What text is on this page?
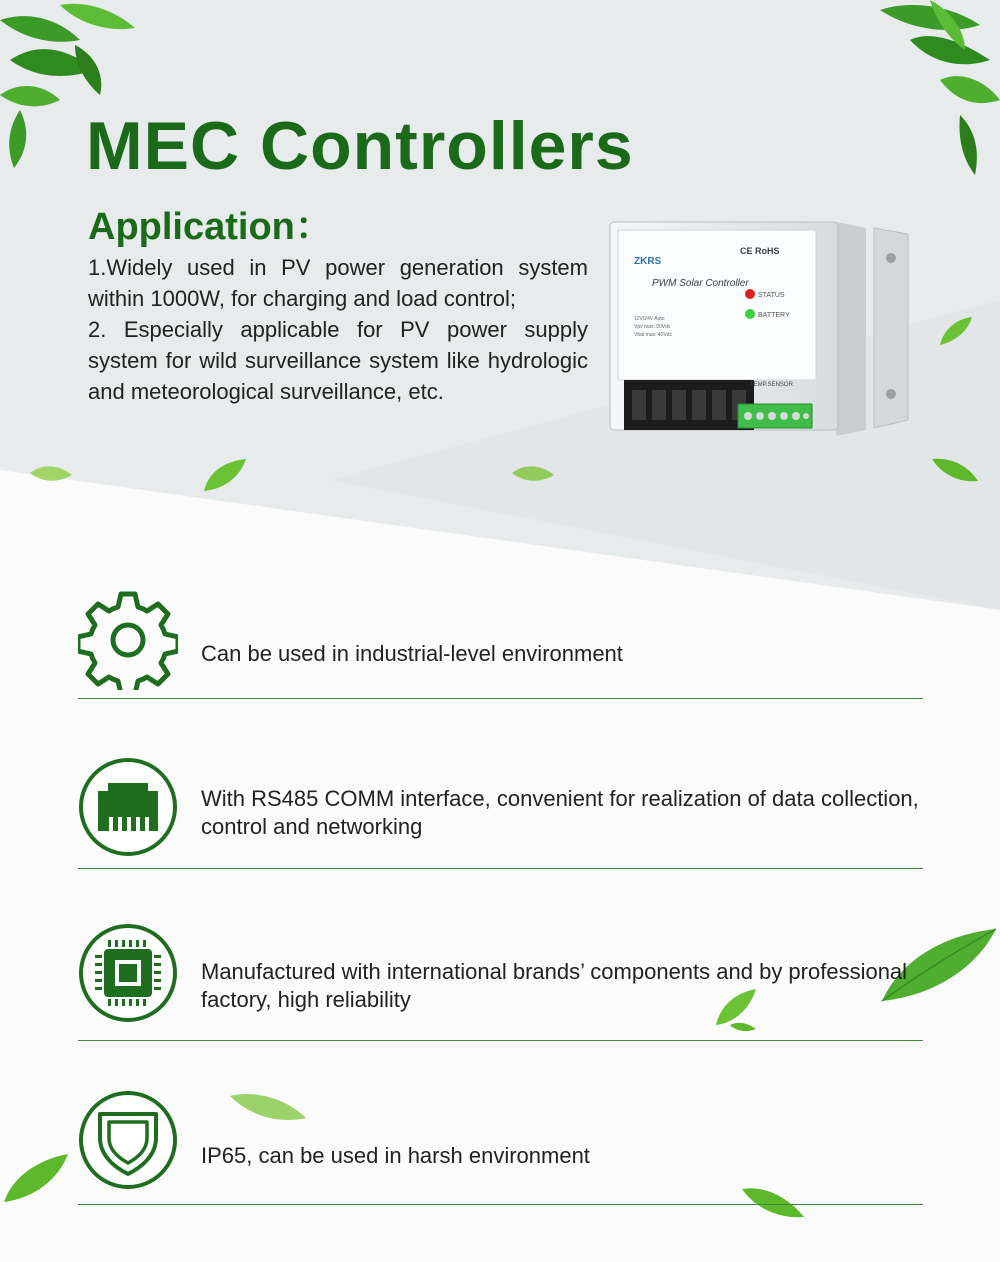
MEC Controllers
Application：

1.Widely used in PV power generation system within 1000W, for charging and load control;

2. Especially applicable for PV power supply system for wild surveillance system like hydrologic and meteorological surveillance, etc.

ZKRS
PWM Solar Controller
CE RoHS
STATUS
BATTERY
12V/24V Auto
Vpv max: 50Vdc
Vbat max: 40Vdc
TEMP.SENSOR
Can be used in industrial-level environment
With RS485 COMM interface, convenient for realization of data collection, control and networking
Manufactured with international brands’ components and by professional factory, high reliability
IP65, can be used in harsh environment
